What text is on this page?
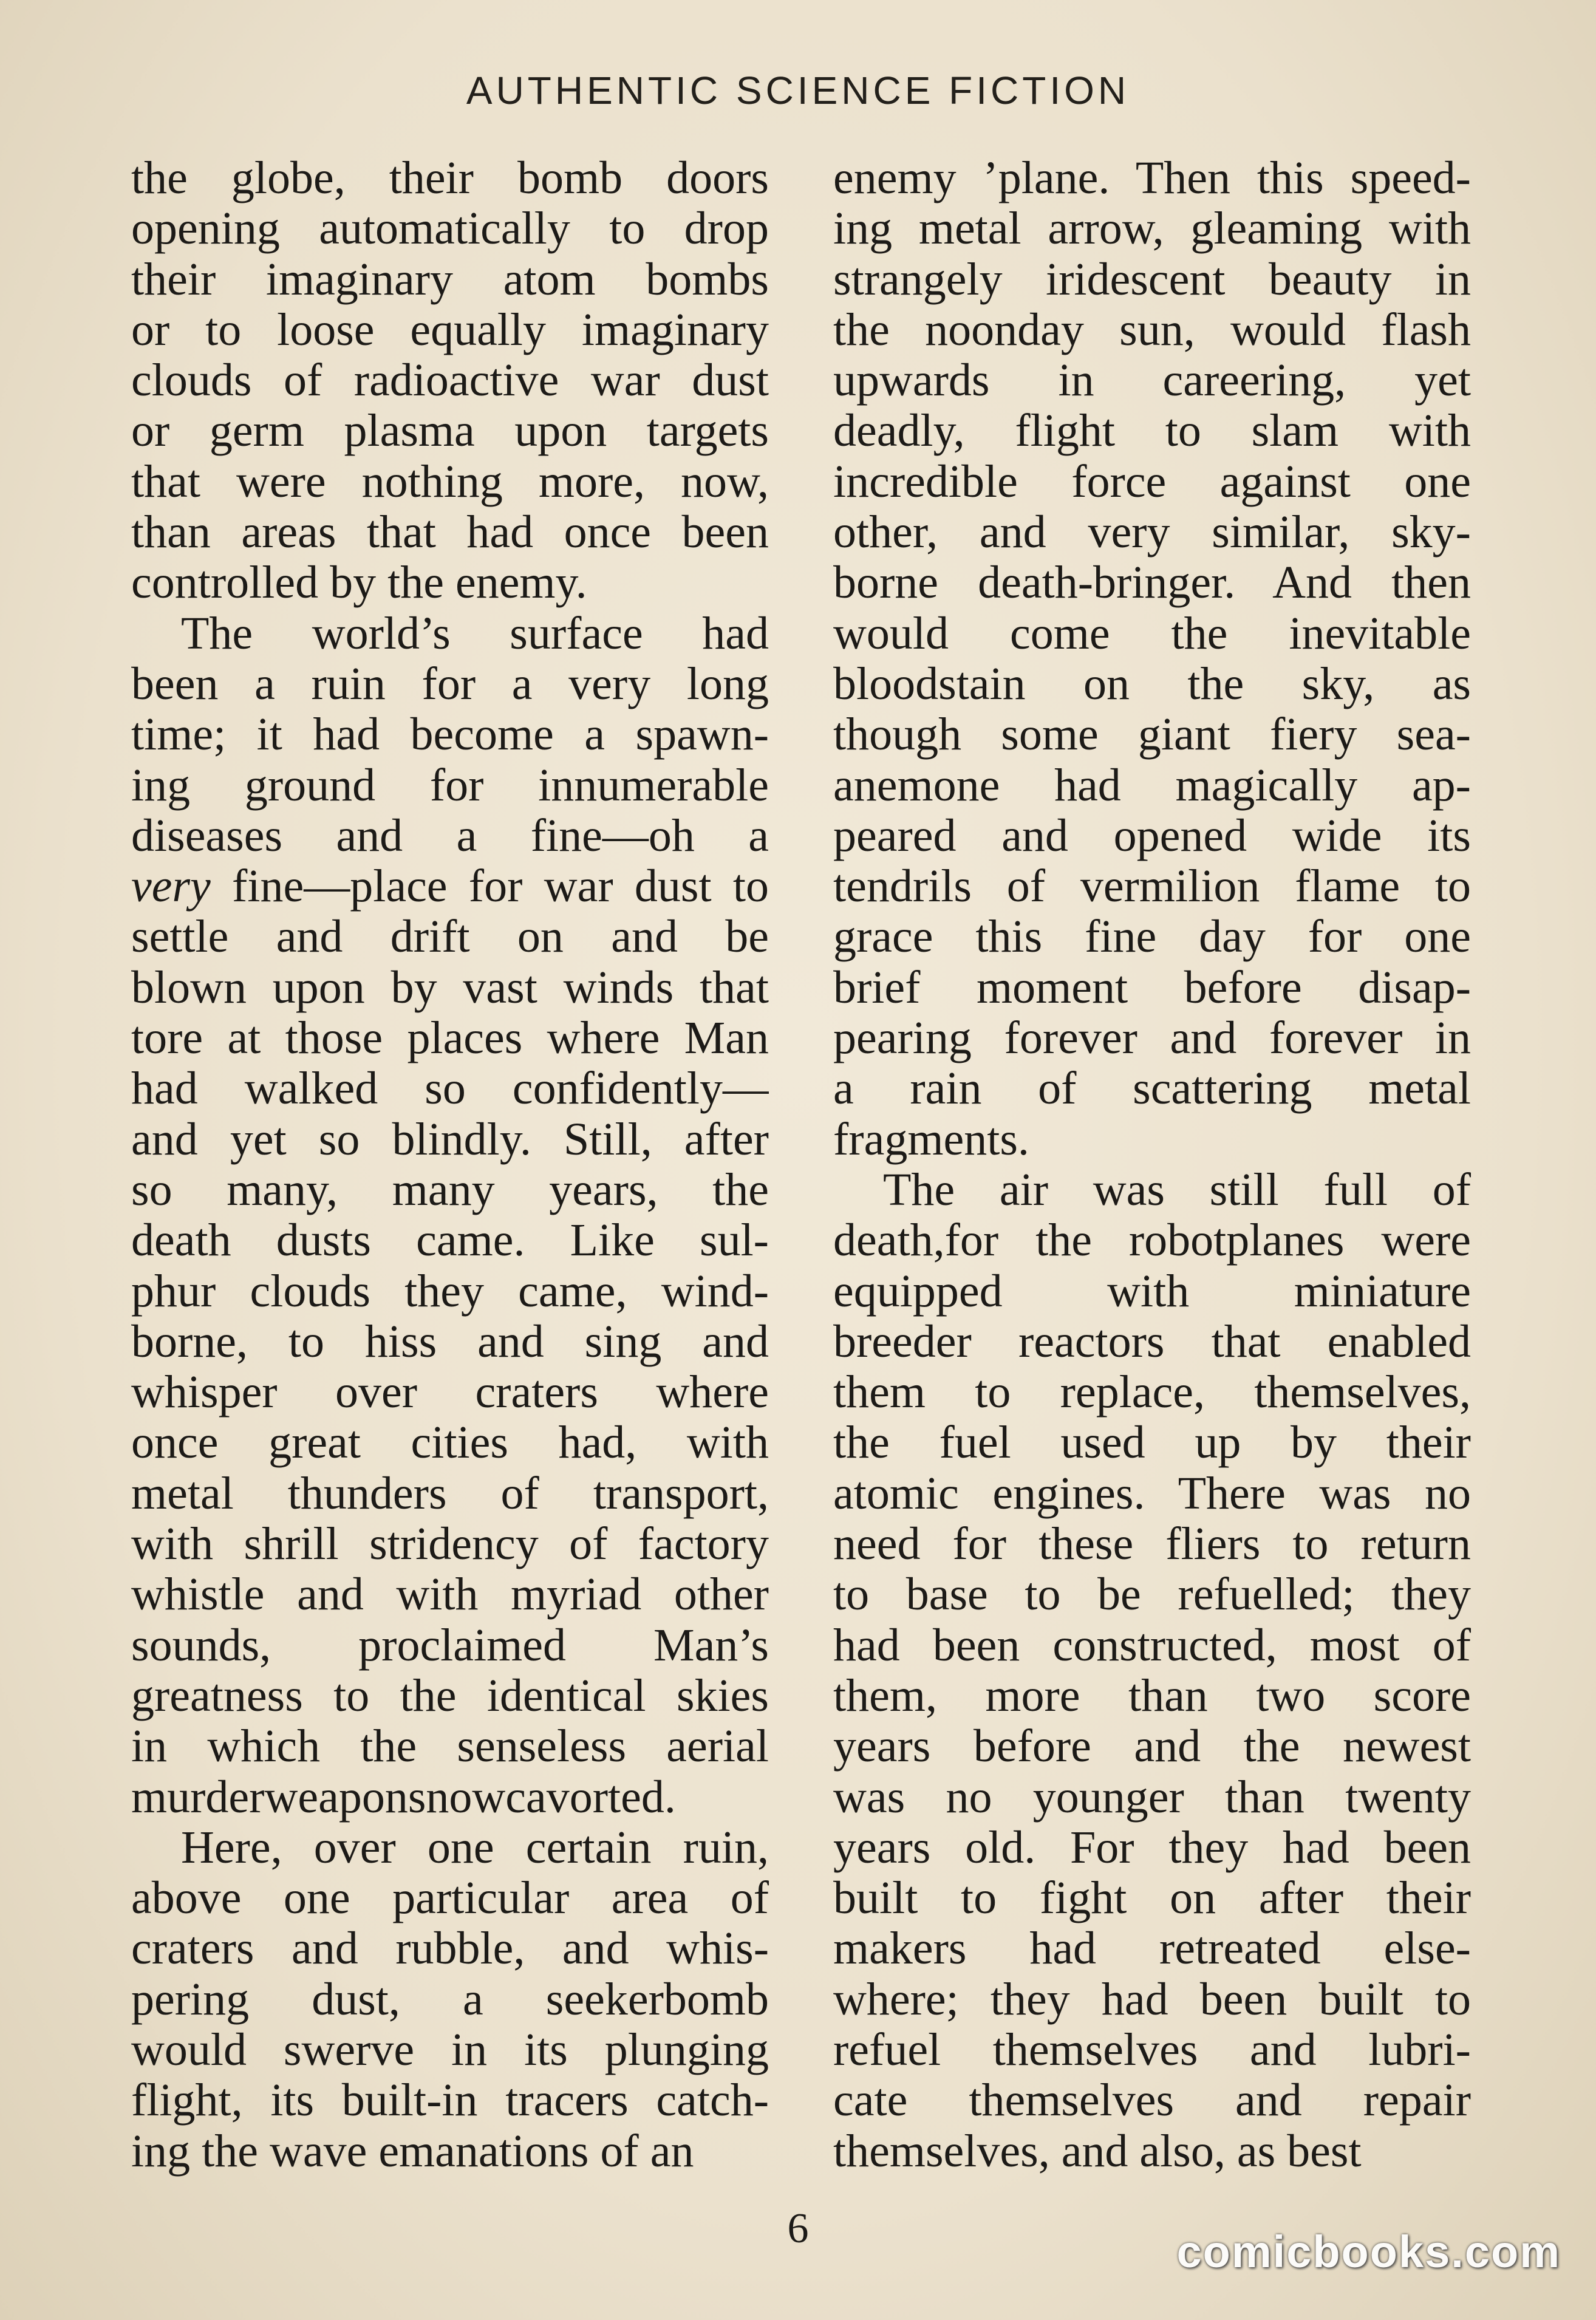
AUTHENTIC SCIENCE FICTION
the globe, their bomb doors
opening automatically to drop
their imaginary atom bombs
or to loose equally imaginary
clouds of radioactive war dust
or germ plasma upon targets
that were nothing more, now,
than areas that had once been
controlled by the enemy.
The world’s surface had
been a ruin for a very long
time; it had become a spawn-
ing ground for innumerable
diseases and a fine—oh a
very fine—place for war dust to
settle and drift on and be
blown upon by vast winds that
tore at those places where Man
had walked so confidently—
and yet so blindly. Still, after
so many, many years, the
death dusts came. Like sul-
phur clouds they came, wind-
borne, to hiss and sing and
whisper over craters where
once great cities had, with
metal thunders of transport,
with shrill stridency of factory
whistle and with myriad other
sounds, proclaimed Man’s
greatness to the identical skies
in which the senseless aerial
murderweaponsnowcavorted.
Here, over one certain ruin,
above one particular area of
craters and rubble, and whis-
pering dust, a seekerbomb
would swerve in its plunging
flight, its built-in tracers catch-
ing the wave emanations of an
enemy ’plane. Then this speed-
ing metal arrow, gleaming with
strangely iridescent beauty in
the noonday sun, would flash
upwards in careering, yet
deadly, flight to slam with
incredible force against one
other, and very similar, sky-
borne death-bringer. And then
would come the inevitable
bloodstain on the sky, as
though some giant fiery sea-
anemone had magically ap-
peared and opened wide its
tendrils of vermilion flame to
grace this fine day for one
brief moment before disap-
pearing forever and forever in
a rain of scattering metal
fragments.
The air was still full of
death,for the robotplanes were
equipped with miniature
breeder reactors that enabled
them to replace, themselves,
the fuel used up by their
atomic engines. There was no
need for these fliers to return
to base to be refuelled; they
had been constructed, most of
them, more than two score
years before and the newest
was no younger than twenty
years old. For they had been
built to fight on after their
makers had retreated else-
where; they had been built to
refuel themselves and lubri-
cate themselves and repair
themselves, and also, as best
6	comicbooks.com
